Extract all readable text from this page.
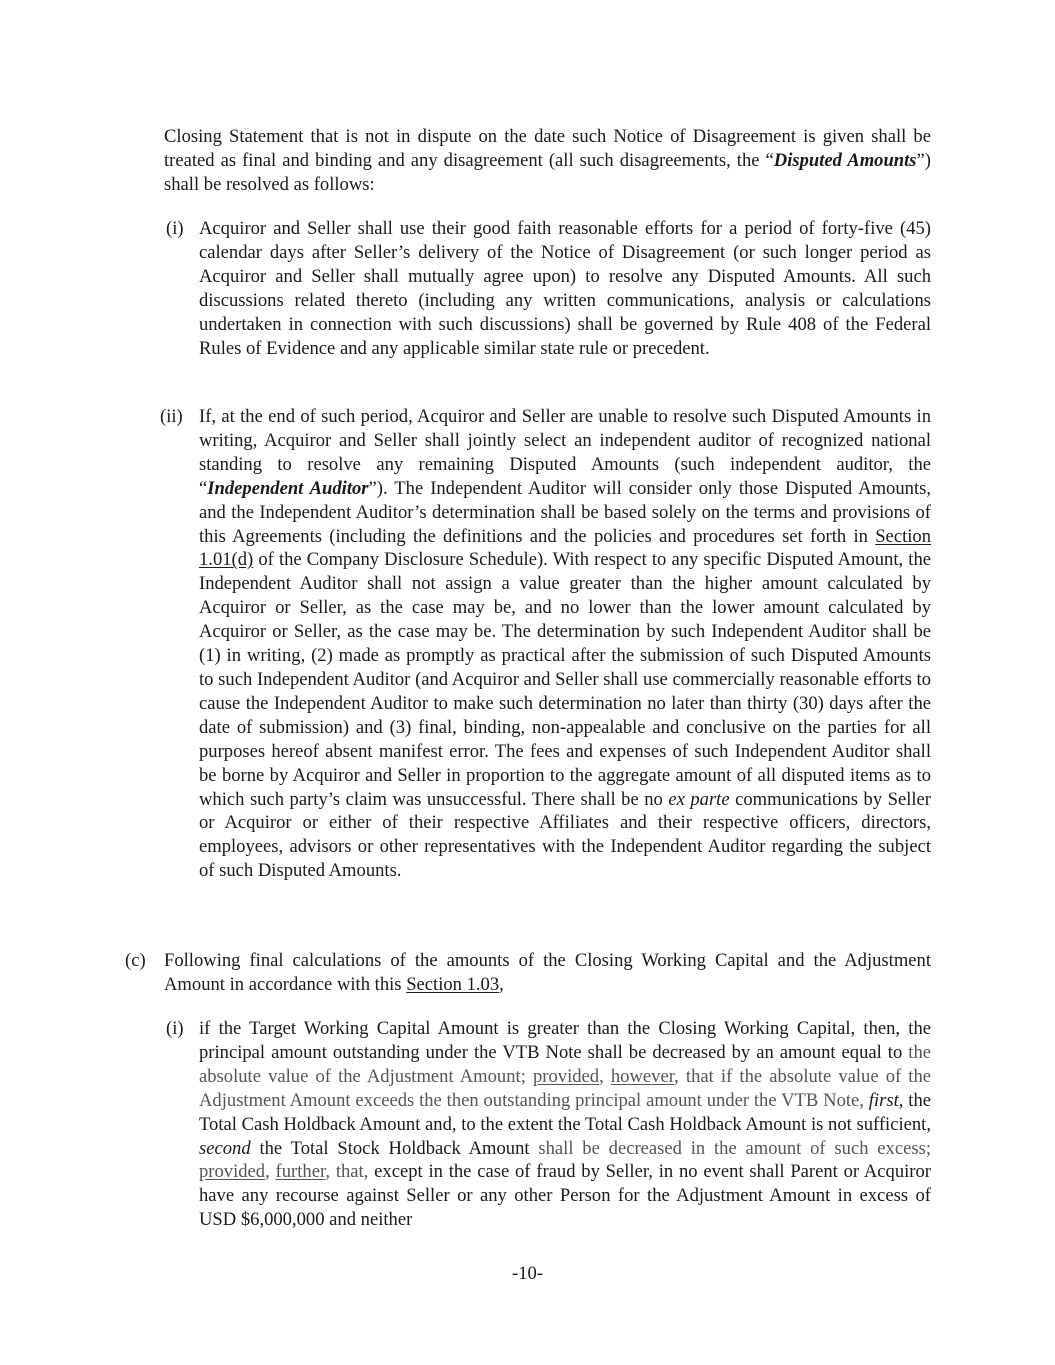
Closing Statement that is not in dispute on the date such Notice of Disagreement is given shall be treated as final and binding and any disagreement (all such disagreements, the “Disputed Amounts”) shall be resolved as follows:

(i) Acquiror and Seller shall use their good faith reasonable efforts for a period of forty-five (45) calendar days after Seller’s delivery of the Notice of Disagreement (or such longer period as Acquiror and Seller shall mutually agree upon) to resolve any Disputed Amounts. All such discussions related thereto (including any written communications, analysis or calculations undertaken in connection with such discussions) shall be governed by Rule 408 of the Federal Rules of Evidence and any applicable similar state rule or precedent.

(ii) If, at the end of such period, Acquiror and Seller are unable to resolve such Disputed Amounts in writing, Acquiror and Seller shall jointly select an independent auditor of recognized national standing to resolve any remaining Disputed Amounts (such independent auditor, the “Independent Auditor”). The Independent Auditor will consider only those Disputed Amounts, and the Independent Auditor’s determination shall be based solely on the terms and provisions of this Agreements (including the definitions and the policies and procedures set forth in Section 1.01(d) of the Company Disclosure Schedule). With respect to any specific Disputed Amount, the Independent Auditor shall not assign a value greater than the higher amount calculated by Acquiror or Seller, as the case may be, and no lower than the lower amount calculated by Acquiror or Seller, as the case may be. The determination by such Independent Auditor shall be (1) in writing, (2) made as promptly as practical after the submission of such Disputed Amounts to such Independent Auditor (and Acquiror and Seller shall use commercially reasonable efforts to cause the Independent Auditor to make such determination no later than thirty (30) days after the date of submission) and (3) final, binding, non-appealable and conclusive on the parties for all purposes hereof absent manifest error. The fees and expenses of such Independent Auditor shall be borne by Acquiror and Seller in proportion to the aggregate amount of all disputed items as to which such party’s claim was unsuccessful. There shall be no ex parte communications by Seller or Acquiror or either of their respective Affiliates and their respective officers, directors, employees, advisors or other representatives with the Independent Auditor regarding the subject of such Disputed Amounts.

(c) Following final calculations of the amounts of the Closing Working Capital and the Adjustment Amount in accordance with this Section 1.03,

(i) if the Target Working Capital Amount is greater than the Closing Working Capital, then, the principal amount outstanding under the VTB Note shall be decreased by an amount equal to the absolute value of the Adjustment Amount; provided, however, that if the absolute value of the Adjustment Amount exceeds the then outstanding principal amount under the VTB Note, first, the Total Cash Holdback Amount and, to the extent the Total Cash Holdback Amount is not sufficient, second the Total Stock Holdback Amount shall be decreased in the amount of such excess; provided, further, that, except in the case of fraud by Seller, in no event shall Parent or Acquiror have any recourse against Seller or any other Person for the Adjustment Amount in excess of USD $6,000,000 and neither

-10-
